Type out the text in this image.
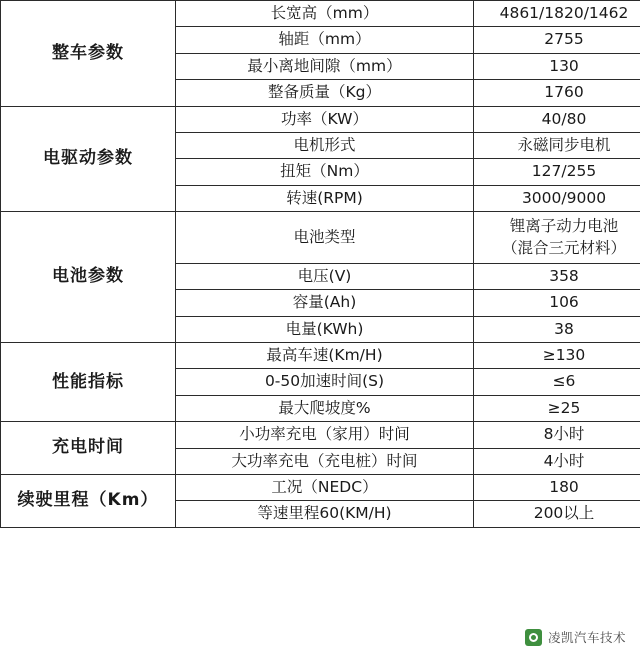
整车参数	长宽高（mm）	4861/1820/1462
	轴距（mm）	2755
	最小离地间隙（mm）	130
	整备质量（Kg）	1760
电驱动参数	功率（KW）	40/80
	电机形式	永磁同步电机
	扭矩（Nm）	127/255
	转速(RPM)	3000/9000
电池参数	电池类型	锂离子动力电池
（混合三元材料）
	电压(V)	358
	容量(Ah)	106
	电量(KWh)	38
性能指标	最高车速(Km/H)	≥130
	0-50加速时间(S)	≤6
	最大爬坡度%	≥25
充电时间	小功率充电（家用）时间	8小时
	大功率充电（充电桩）时间	4小时
续驶里程（Km）	工况（NEDC）	180
	等速里程60(KM/H)	200以上
凌凯汽车技术
